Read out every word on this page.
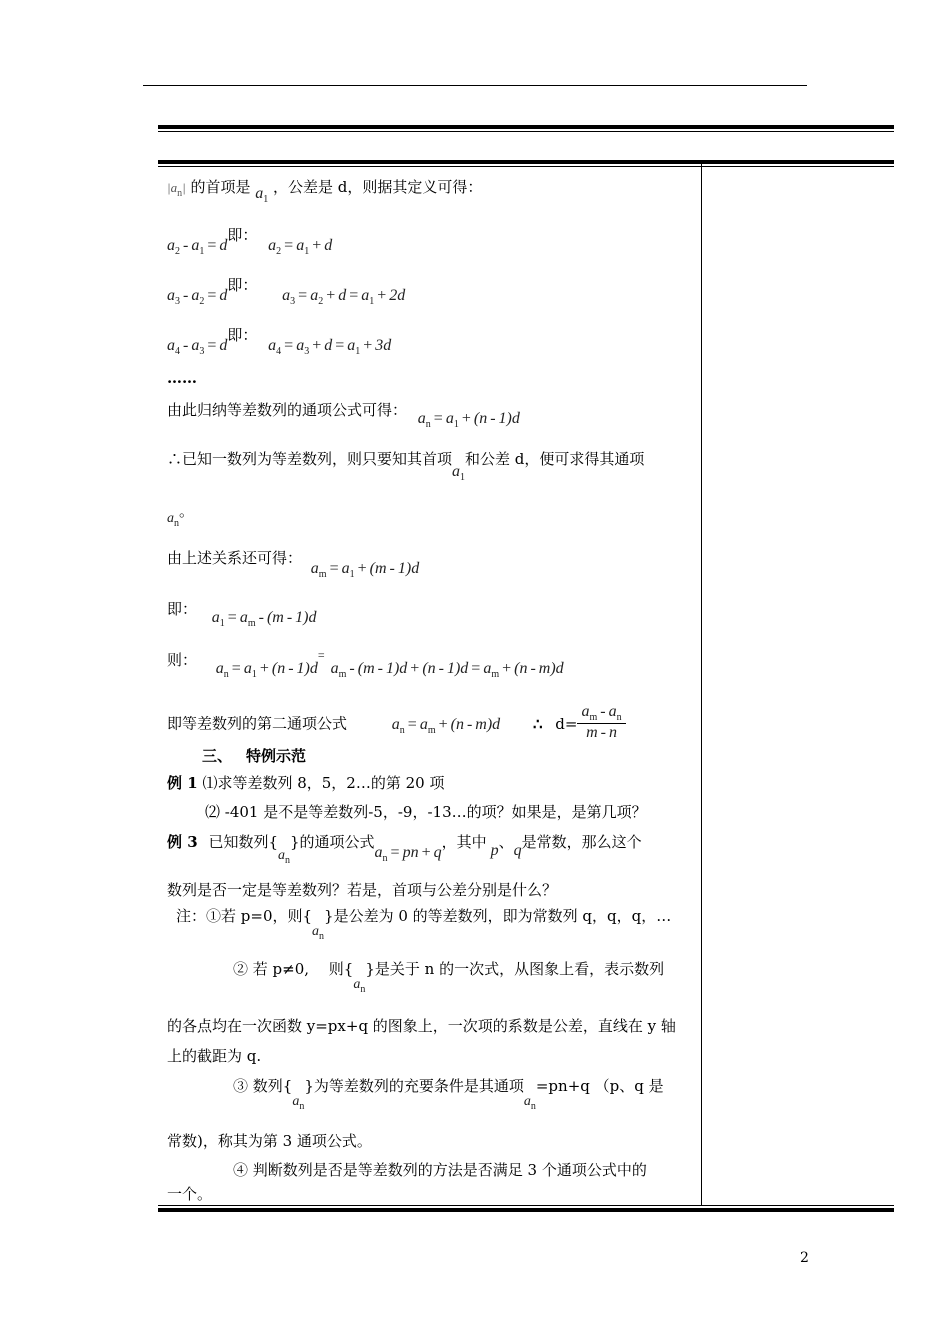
$|a_n|$ 的首项是 $a_1$ ，公差是 d，则据其定义可得：
$a_2 - a_1 = d$即： $a_2 = a_1 + d$
$a_3 - a_2 = d$即： $a_3 = a_2 + d = a_1 + 2d$
$a_4 - a_3 = d$即： $a_4 = a_3 + d = a_1 + 3d$
……
由此归纳等差数列的通项公式可得： $a_n = a_1 + (n - 1)d$
∴已知一数列为等差数列，则只要知其首项$a_1$和公差 d，便可求得其通项
$a_n$。
由上述关系还可得： $a_m = a_1 + (m - 1)d$
即： $a_1 = a_m - (m - 1)d$
则： $a_n = a_1 + (n - 1)d^=a_m - (m - 1)d + (n - 1)d = a_m + (n - m)d$
即等差数列的第二通项公式	$a_n = a_m + (n - m)d$ ∴ $d= \frac{a_m - a_n}{m - n}$
三、 特例示范
例 1 ⑴求等差数列 8，5，2…的第 20 项
⑵ -401 是不是等差数列-5，-9，-13…的项？如果是，是第几项？
例 3 已知数列$\{a_n\}$的通项公式$a_n$ = pn + q，其中 p、q是常数，那么这个
数列是否一定是等差数列？若是，首项与公差分别是什么？
注：①若 p=0，则$\{a_n\}$是公差为 0 的等差数列，即为常数列 q，q，q，…
② 若 p≠0, 　则$\{a_n\}$是关于 n 的一次式，从图象上看，表示数列
的各点均在一次函数 y=px+q 的图象上，一次项的系数是公差，直线在 y 轴
上的截距为 q.
③ 数列$\{a_n\}$为等差数列的充要条件是其通项$a_n=pn+q$ （p、q 是
常数)，称其为第 3 通项公式。
④ 判断数列是否是等差数列的方法是否满足 3 个通项公式中的
一个。
2
